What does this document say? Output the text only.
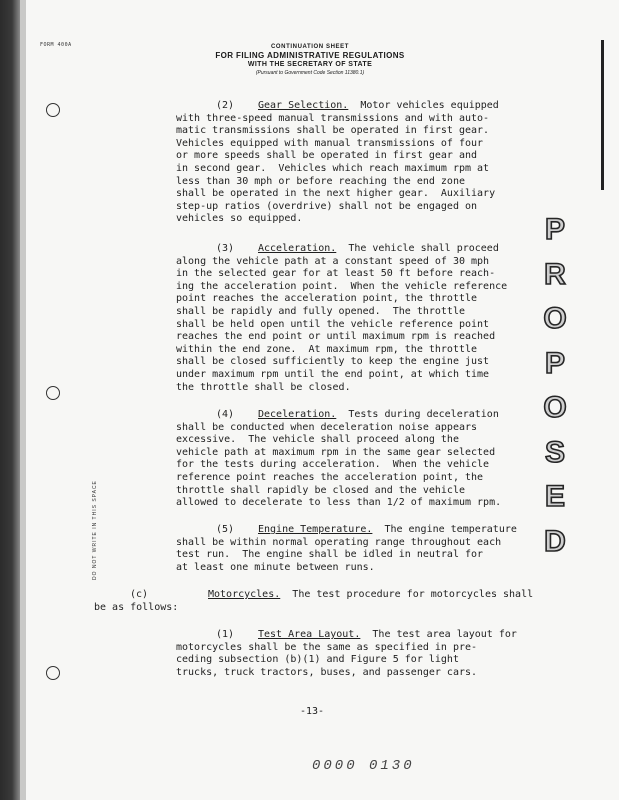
FORM 400A	CONTINUATION SHEET
FOR FILING ADMINISTRATIVE REGULATIONS
WITH THE SECRETARY OF STATE
(Pursuant to Government Code Section 11380.1)
(2) Gear Selection. Motor vehicles equipped
with three-speed manual transmissions and with auto-
matic transmissions shall be operated in first gear.
Vehicles equipped with manual transmissions of four
or more speeds shall be operated in first gear and
in second gear.  Vehicles which reach maximum rpm at
less than 30 mph or before reaching the end zone
shall be operated in the next higher gear.  Auxiliary
step-up ratios (overdrive) shall not be engaged on
vehicles so equipped.
(3) Acceleration. The vehicle shall proceed
along the vehicle path at a constant speed of 30 mph
in the selected gear for at least 50 ft before reach-
ing the acceleration point.  When the vehicle reference
point reaches the acceleration point, the throttle
shall be rapidly and fully opened.  The throttle
shall be held open until the vehicle reference point
reaches the end point or until maximum rpm is reached
within the end zone.  At maximum rpm, the throttle
shall be closed sufficiently to keep the engine just
under maximum rpm until the end point, at which time
the throttle shall be closed.
(4) Deceleration. Tests during deceleration
shall be conducted when deceleration noise appears
excessive.  The vehicle shall proceed along the
vehicle path at maximum rpm in the same gear selected
for the tests during acceleration.  When the vehicle
reference point reaches the acceleration point, the
throttle shall rapidly be closed and the vehicle
allowed to decelerate to less than 1/2 of maximum rpm.
(5) Engine Temperature. The engine temperature
shall be within normal operating range throughout each
test run.  The engine shall be idled in neutral for
at least one minute between runs.
(c)	Motorcycles. The test procedure for motorcycles shall
be as follows:
(1) Test Area Layout. The test area layout for
motorcycles shall be the same as specified in pre-
ceding subsection (b)(1) and Figure 5 for light
trucks, truck tractors, buses, and passenger cars.
P
R
O
P
O
S
E
D
DO NOT WRITE IN THIS SPACE
-13-
0000 0130
